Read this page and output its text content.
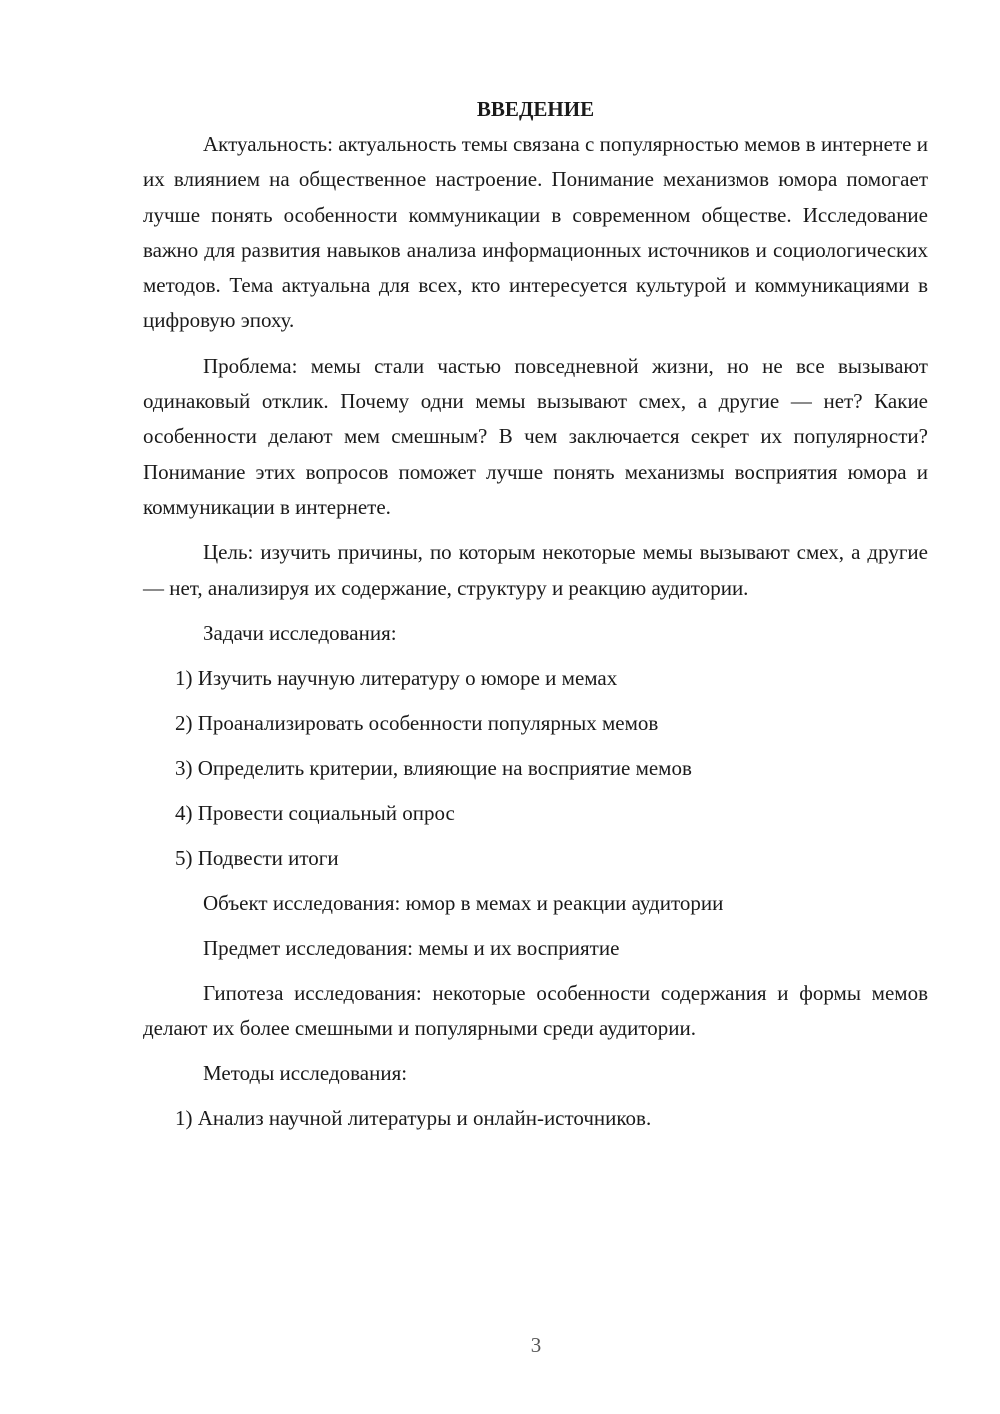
ВВЕДЕНИЕ

Актуальность: актуальность темы связана с популярностью мемов в интернете и их влиянием на общественное настроение. Понимание механизмов юмора помогает лучше понять особенности коммуникации в современном обществе. Исследование важно для развития навыков анализа информационных источников и социологических методов. Тема актуальна для всех, кто интересуется культурой и коммуникациями в цифровую эпоху.

Проблема: мемы стали частью повседневной жизни, но не все вызывают одинаковый отклик. Почему одни мемы вызывают смех, а другие — нет? Какие особенности делают мем смешным? В чем заключается секрет их популярности? Понимание этих вопросов поможет лучше понять механизмы восприятия юмора и коммуникации в интернете.

Цель: изучить причины, по которым некоторые мемы вызывают смех, а другие — нет, анализируя их содержание, структуру и реакцию аудитории.

Задачи исследования:

1) Изучить научную литературу о юморе и мемах

2) Проанализировать особенности популярных мемов

3) Определить критерии, влияющие на восприятие мемов

4) Провести социальный опрос

5) Подвести итоги

Объект исследования: юмор в мемах и реакции аудитории

Предмет исследования: мемы и их восприятие

Гипотеза исследования: некоторые особенности содержания и формы мемов делают их более смешными и популярными среди аудитории.

Методы исследования:

1) Анализ научной литературы и онлайн-источников.

3
